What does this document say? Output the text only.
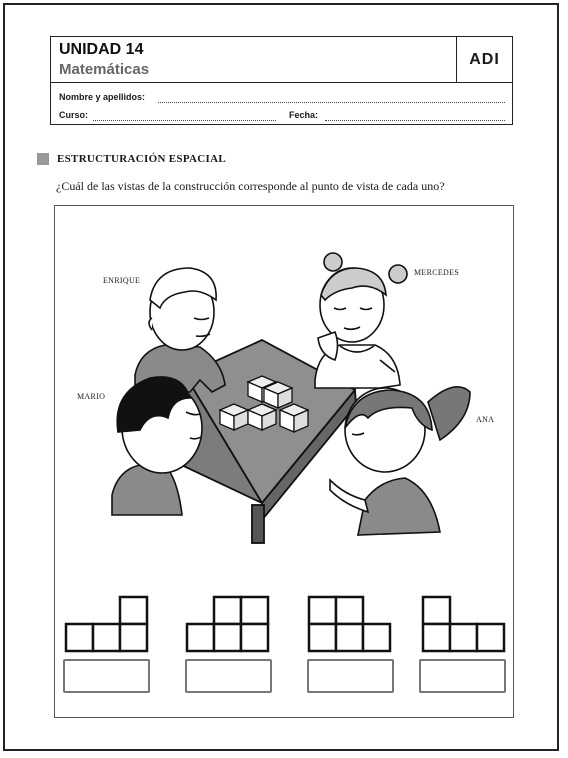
UNIDAD 14
Matemáticas
ADI
Nombre y apellidos:
Curso:	Fecha:
ESTRUCTURACIÓN ESPACIAL
¿Cuál de las vistas de la construcción corresponde al punto de vista de cada uno?
ENRIQUE
MERCEDES
MARIO
ANA
